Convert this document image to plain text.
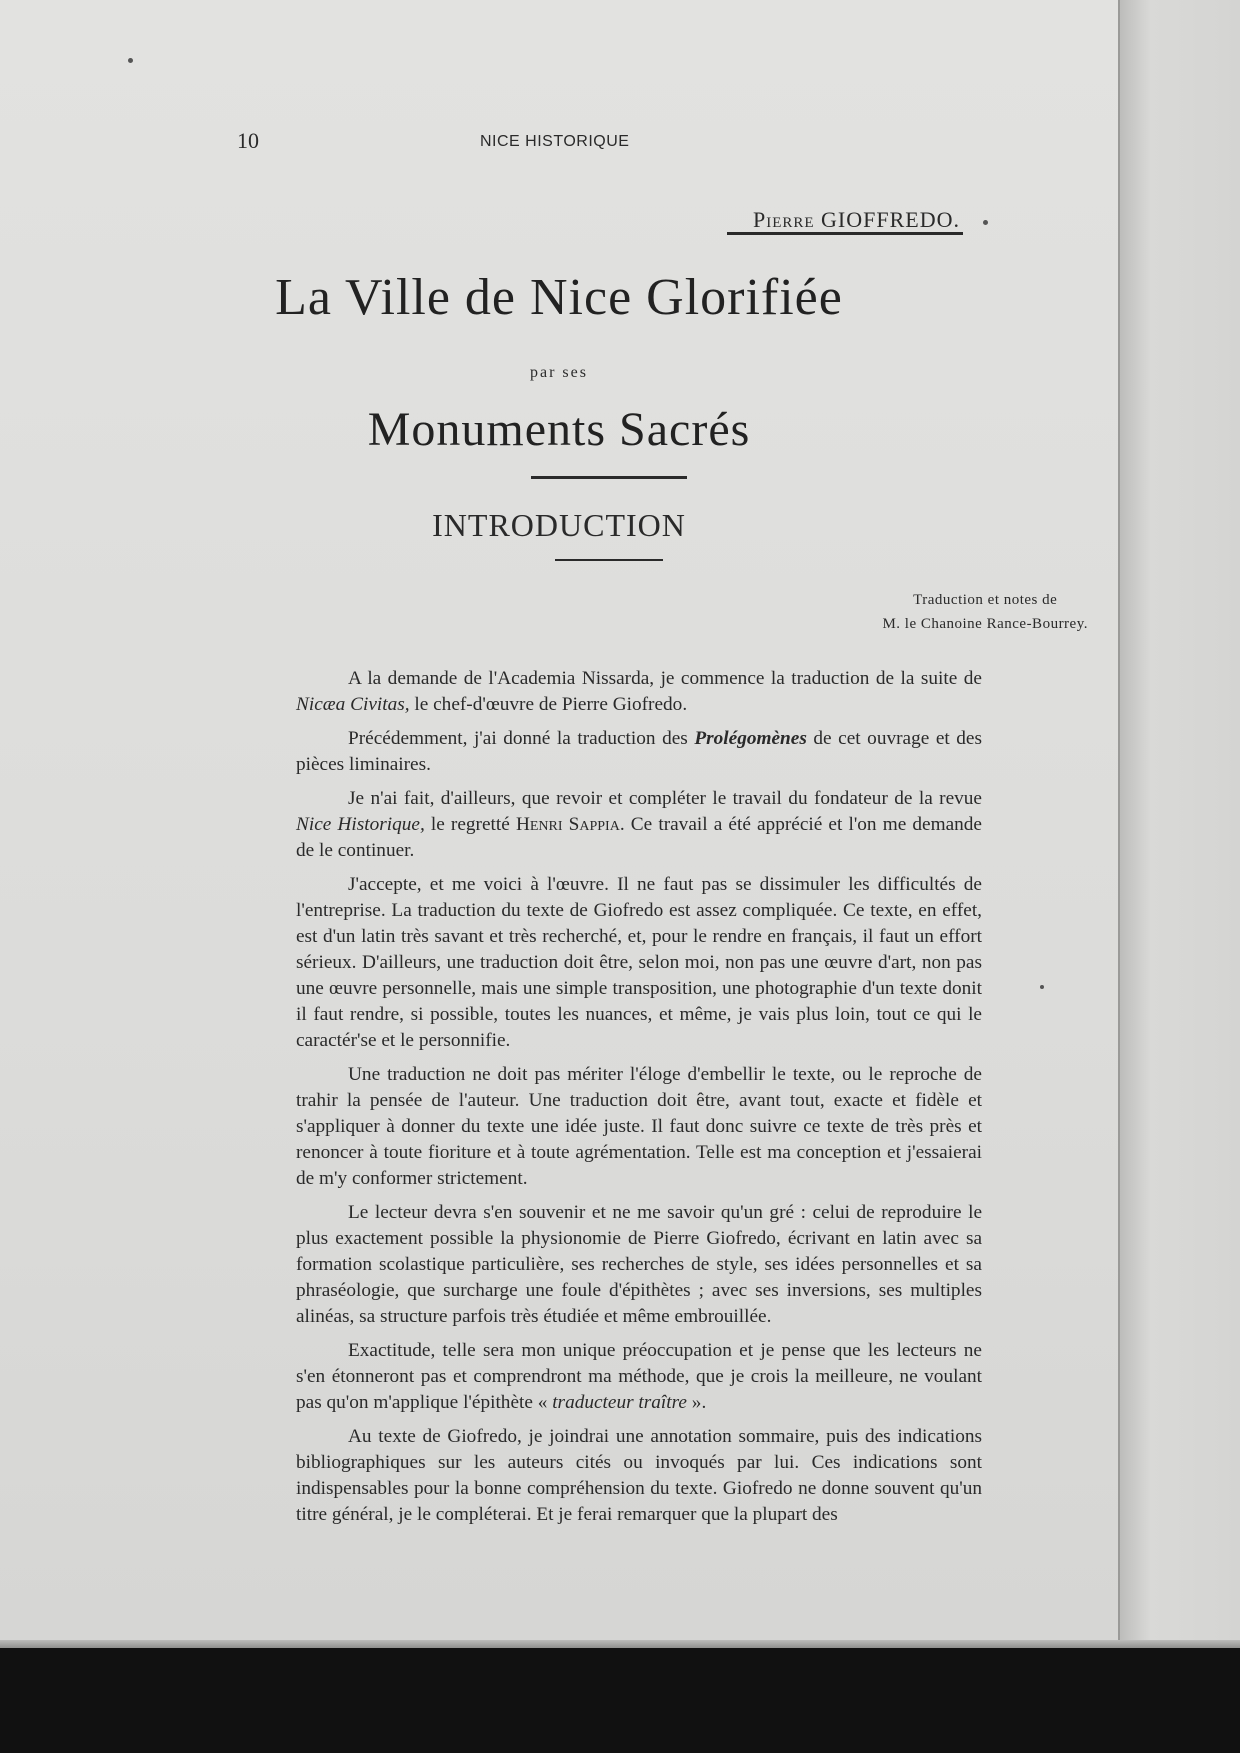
10	NICE HISTORIQUE
Pierre GIOFFREDO.
La Ville de Nice Glorifiée
par ses
Monuments Sacrés
INTRODUCTION
Traduction et notes de
M. le Chanoine Rance-Bourrey.

A la demande de l'Academia Nissarda, je commence la traduction de la suite de Nicæa Civitas, le chef-d'œuvre de Pierre Giofredo.

Précédemment, j'ai donné la traduction des Prolégomènes de cet ouvrage et des pièces liminaires.

Je n'ai fait, d'ailleurs, que revoir et compléter le travail du fondateur de la revue Nice Historique, le regretté Henri Sappia. Ce travail a été apprécié et l'on me demande de le continuer.

J'accepte, et me voici à l'œuvre. Il ne faut pas se dissimuler les difficultés de l'entreprise. La traduction du texte de Giofredo est assez compliquée. Ce texte, en effet, est d'un latin très savant et très recherché, et, pour le rendre en français, il faut un effort sérieux. D'ailleurs, une traduction doit être, selon moi, non pas une œuvre d'art, non pas une œuvre personnelle, mais une simple transposition, une photographie d'un texte donit il faut rendre, si possible, toutes les nuances, et même, je vais plus loin, tout ce qui le caractér'se et le personnifie.

Une traduction ne doit pas mériter l'éloge d'embellir le texte, ou le reproche de trahir la pensée de l'auteur. Une traduction doit être, avant tout, exacte et fidèle et s'appliquer à donner du texte une idée juste. Il faut donc suivre ce texte de très près et renoncer à toute fioriture et à toute agrémentation. Telle est ma conception et j'essaierai de m'y conformer strictement.

Le lecteur devra s'en souvenir et ne me savoir qu'un gré : celui de reproduire le plus exactement possible la physionomie de Pierre Giofredo, écrivant en latin avec sa formation scolastique particulière, ses recherches de style, ses idées personnelles et sa phraséologie, que surcharge une foule d'épithètes ; avec ses inversions, ses multiples alinéas, sa structure parfois très étudiée et même embrouillée.

Exactitude, telle sera mon unique préoccupation et je pense que les lecteurs ne s'en étonneront pas et comprendront ma méthode, que je crois la meilleure, ne voulant pas qu'on m'applique l'épithète « traducteur traître ».

Au texte de Giofredo, je joindrai une annotation sommaire, puis des indications bibliographiques sur les auteurs cités ou invoqués par lui. Ces indications sont indispensables pour la bonne compréhension du texte. Giofredo ne donne souvent qu'un titre général, je le compléterai. Et je ferai remarquer que la plupart des
